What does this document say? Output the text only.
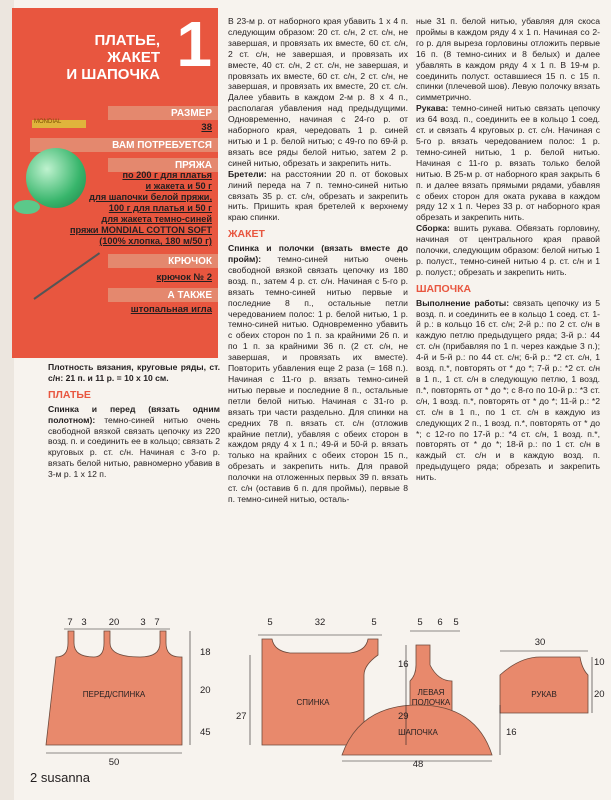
1
ПЛАТЬЕ,
ЖАКЕТ
И ШАПОЧКА
MONDIAL
РАЗМЕР
38
ВАМ ПОТРЕБУЕТСЯ
ПРЯЖА
по 200 г для платья
и жакета и 50 г
для шапочки белой пряжи,
100 г для платья и 50 г
для жакета темно-синей
пряжи MONDIAL COTTON SOFT
(100% хлопка, 180 м/50 г)
КРЮЧОК
крючок № 2
А ТАКЖЕ
штопальная игла

Плотность вязания, круговые ряды, ст. с/н: 21 п. и 11 р. = 10 х 10 см.

ПЛАТЬЕ

Спинка и перед (вязать одним полотном): темно-синей нитью очень свободной вязкой связать цепочку из 220 возд. п. и соединить ее в кольцо; связать 2 круговых р. ст. с/н. Начиная с 3-го р. вязать белой нитью, равномерно убавив в 3-м р. 1 х 12 п.

В 23-м р. от наборного края убавить 1 х 4 п. следующим образом: 20 ст. с/н, 2 ст. с/н, не завершая, и провязать их вместе, 60 ст. с/н, 2 ст. с/н, не завершая, и провязать их вместе, 40 ст. с/н, 2 ст. с/н, не завершая, и провязать их вместе, 60 ст. с/н, 2 ст. с/н, не завершая, и провязать их вместе, 20 ст. с/н. Далее убавить в каждом 2-м р. 8 х 4 п., располагая убавления над предыдущими. Одновременно, начиная с 24-го р. от наборного края, чередовать 1 р. синей нитью и 1 р. белой нитью; с 49-го по 69-й р. вязать все ряды белой нитью, затем 2 р. синей нитью, обрезать и закрепить нить.

Бретели: на расстоянии 20 п. от боковых линий переда на 7 п. темно-синей нитью связать 35 р. ст. с/н, обрезать и закрепить нить. Пришить края бретелей к верхнему краю спинки.

ЖАКЕТ

Спинка и полочки (вязать вместе до пройм): темно-синей нитью очень свободной вязкой связать цепочку из 180 возд. п., затем 4 р. ст. с/н. Начиная с 5-го р. вязать темно-синей нитью первые и последние 8 п., остальные петли чередованием полос: 1 р. белой нитью, 1 р. темно-синей нитью. Одновременно убавить с обеих сторон по 1 п. за крайними 26 п. и по 1 п. за крайними 36 п. (2 ст. с/н, не завершая, и провязать их вместе). Повторить убавления еще 2 раза (= 168 п.). Начиная с 11-го р. вязать темно-синей нитью первые и последние 8 п., остальные петли белой нитью. Начиная с 31-го р. вязать три части раздельно. Для спинки на средних 78 п. вязать ст. с/н (отложив крайние петли), убавляя с обеих сторон в каждом ряду 4 х 1 п.; 49-й и 50-й р. вязать только на крайних с обеих сторон 15 п., обрезать и закрепить нить. Для правой полочки на отложенных первых 39 п. вязать ст. с/н (оставив 6 п. для проймы), первые 8 п. темно-синей нитью, осталь-

ные 31 п. белой нитью, убавляя для скоса проймы в каждом ряду 4 х 1 п. Начиная со 2-го р. для выреза горловины отложить первые 16 п. (8 темно-синих и 8 белых) и далее убавлять в каждом ряду 4 х 1 п. В 19-м р. соединить полуст. оставшиеся 15 п. с 15 п. спинки (плечевой шов). Левую полочку вязать симметрично.

Рукава: темно-синей нитью связать цепочку из 64 возд. п., соединить ее в кольцо 1 соед. ст. и связать 4 круговых р. ст. с/н. Начиная с 5-го р. вязать чередованием полос: 1 р. темно-синей нитью, 1 р. белой нитью. Начиная с 11-го р. вязать только белой нитью. В 25-м р. от наборного края закрыть 6 п. и далее вязать прямыми рядами, убавляя с обеих сторон для оката рукава в каждом ряду 12 х 1 п. Через 33 р. от наборного края обрезать и закрепить нить.

Сборка: вшить рукава. Обвязать горловину, начиная от центрального края правой полочки, следующим образом: белой нитью 1 р. полуст., темно-синей нитью 4 р. ст. с/н и 1 р. полуст.; обрезать и закрепить нить.

ШАПОЧКА

Выполнение работы: связать цепочку из 5 возд. п. и соединить ее в кольцо 1 соед. ст. 1-й р.: в кольцо 16 ст. с/н; 2-й р.: по 2 ст. с/н в каждую петлю предыдущего ряда; 3-й р.: 44 ст. с/н (прибавляя по 1 п. через каждые 3 п.); 4-й и 5-й р.: по 44 ст. с/н; 6-й р.: *2 ст. с/н, 1 возд. п.*, повторять от * до *; 7-й р.: *2 ст. с/н в 1 п., 1 ст. с/н в следующую петлю, 1 возд. п.*, повторять от * до *; с 8-го по 10-й р.: *3 ст. с/н, 1 возд. п.*, повторять от * до *; 11-й р.: *2 ст. с/н в 1 п., по 1 ст. с/н в каждую из следующих 2 п., 1 возд. п.*, повторять от * до *; с 12-го по 17-й р.: *4 ст. с/н, 1 возд. п.*, повторять от * до *; 18-й р.: по 1 ст. с/н в каждый ст. с/н и в каждую возд. п. предыдущего ряда; обрезать и закрепить нить.

ПЕРЕД/СПИНКА
СПИНКА
ЛЕВАЯ
ПОЛОЧКА
РУКАВ
ШАПОЧКА
7 3 20 3 7
18
20
50
5	32	5
27
5 6 5
16
29
30
10
20
16
48
45
2 susanna
